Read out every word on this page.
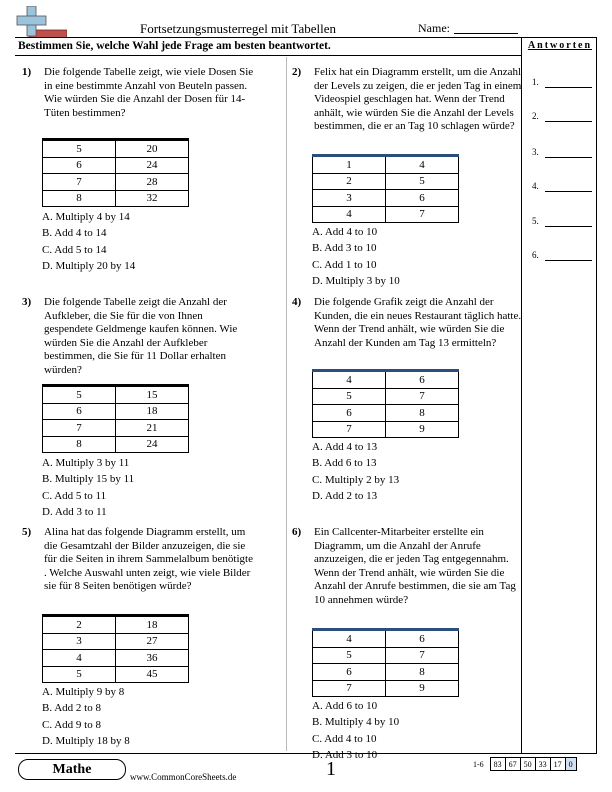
Fortsetzungsmusterregel mit Tabellen	Name:
Bestimmen Sie, welche Wahl jede Frage am besten beantwortet.	Antworten
1.
2.
3.
4.
5.
6.
1) Die folgende Tabelle zeigt, wie viele Dosen Sie in eine bestimmte Anzahl von Beuteln passen. Wie würden Sie die Anzahl der Dosen für 14-Tüten bestimmen?
5	20
6	24
7	28
8	32
A. Multiply 4 by 14
B. Add 4 to 14
C. Add 5 to 14
D. Multiply 20 by 14
2) Felix hat ein Diagramm erstellt, um die Anzahl der Levels zu zeigen, die er jeden Tag in einem Videospiel geschlagen hat. Wenn der Trend anhält, wie würden Sie die Anzahl der Levels bestimmen, die er an Tag 10 schlagen würde?
1	4
2	5
3	6
4	7
A. Add 4 to 10
B. Add 3 to 10
C. Add 1 to 10
D. Multiply 3 by 10
3) Die folgende Tabelle zeigt die Anzahl der Aufkleber, die Sie für die von Ihnen gespendete Geldmenge kaufen können. Wie würden Sie die Anzahl der Aufkleber bestimmen, die Sie für 11 Dollar erhalten würden?
5	15
6	18
7	21
8	24
A. Multiply 3 by 11
B. Multiply 15 by 11
C. Add 5 to 11
D. Add 3 to 11
4) Die folgende Grafik zeigt die Anzahl der Kunden, die ein neues Restaurant täglich hatte. Wenn der Trend anhält, wie würden Sie die Anzahl der Kunden am Tag 13 ermitteln?
4	6
5	7
6	8
7	9
A. Add 4 to 13
B. Add 6 to 13
C. Multiply 2 by 13
D. Add 2 to 13
5) Alina hat das folgende Diagramm erstellt, um die Gesamtzahl der Bilder anzuzeigen, die sie für die Seiten in ihrem Sammelalbum benötigte . Welche Auswahl unten zeigt, wie viele Bilder sie für 8 Seiten benötigen würde?
2	18
3	27
4	36
5	45
A. Multiply 9 by 8
B. Add 2 to 8
C. Add 9 to 8
D. Multiply 18 by 8
6) Ein Callcenter-Mitarbeiter erstellte ein Diagramm, um die Anzahl der Anrufe anzuzeigen, die er jeden Tag entgegennahm. Wenn der Trend anhält, wie würden Sie die Anzahl der Anrufe bestimmen, die sie am Tag 10 annehmen würde?
4	6
5	7
6	8
7	9
A. Add 6 to 10
B. Multiply 4 by 10
C. Add 4 to 10
D. Add 3 to 10
Mathe	www.CommonCoreSheets.de	1	1-6	83	67	50	33	17	0
